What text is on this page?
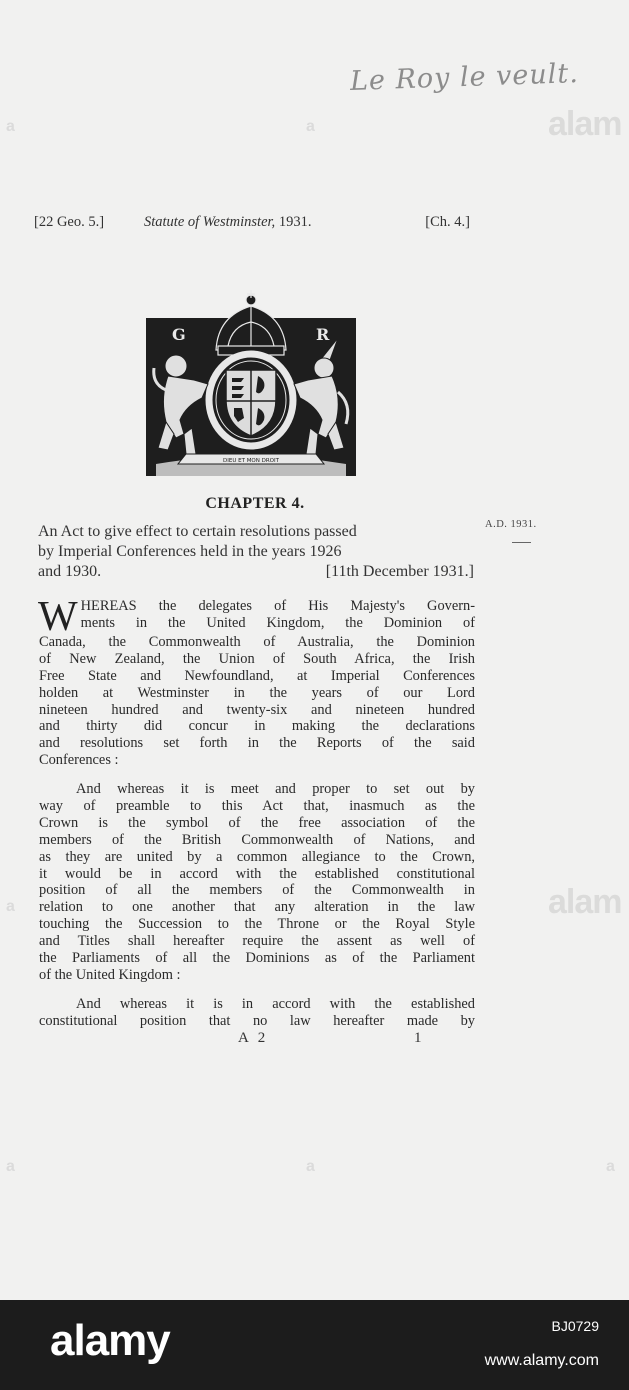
alam
alam
a	a
a
a	a	a
Le Roy le veult.
[22 Geo. 5.]	Statute of Westminster, 1931.	[Ch. 4.]
G	R
DIEU ET MON DROIT
CHAPTER 4.
An Act to give effect to certain resolutions passed
by Imperial Conferences held in the years 1926
and 1930.	[11th December 1931.]
A.D. 1931.
W HEREAS the delegates of His Majesty's Govern-
ments in the United Kingdom, the Dominion of
Canada, the Commonwealth of Australia, the Dominion
of New Zealand, the Union of South Africa, the Irish
Free State and Newfoundland, at Imperial Conferences
holden at Westminster in the years of our Lord
nineteen hundred and twenty-six and nineteen hundred
and thirty did concur in making the declarations
and resolutions set forth in the Reports of the said
Conferences :
And whereas it is meet and proper to set out by
way of preamble to this Act that, inasmuch as the
Crown is the symbol of the free association of the
members of the British Commonwealth of Nations, and
as they are united by a common allegiance to the Crown,
it would be in accord with the established constitutional
position of all the members of the Commonwealth in
relation to one another that any alteration in the law
touching the Succession to the Throne or the Royal Style
and Titles shall hereafter require the assent as well of
the Parliaments of all the Dominions as of the Parliament
of the United Kingdom :
And whereas it is in accord with the established
constitutional position that no law hereafter made by
A 2	1
alamy	BJ0729
www.alamy.com
